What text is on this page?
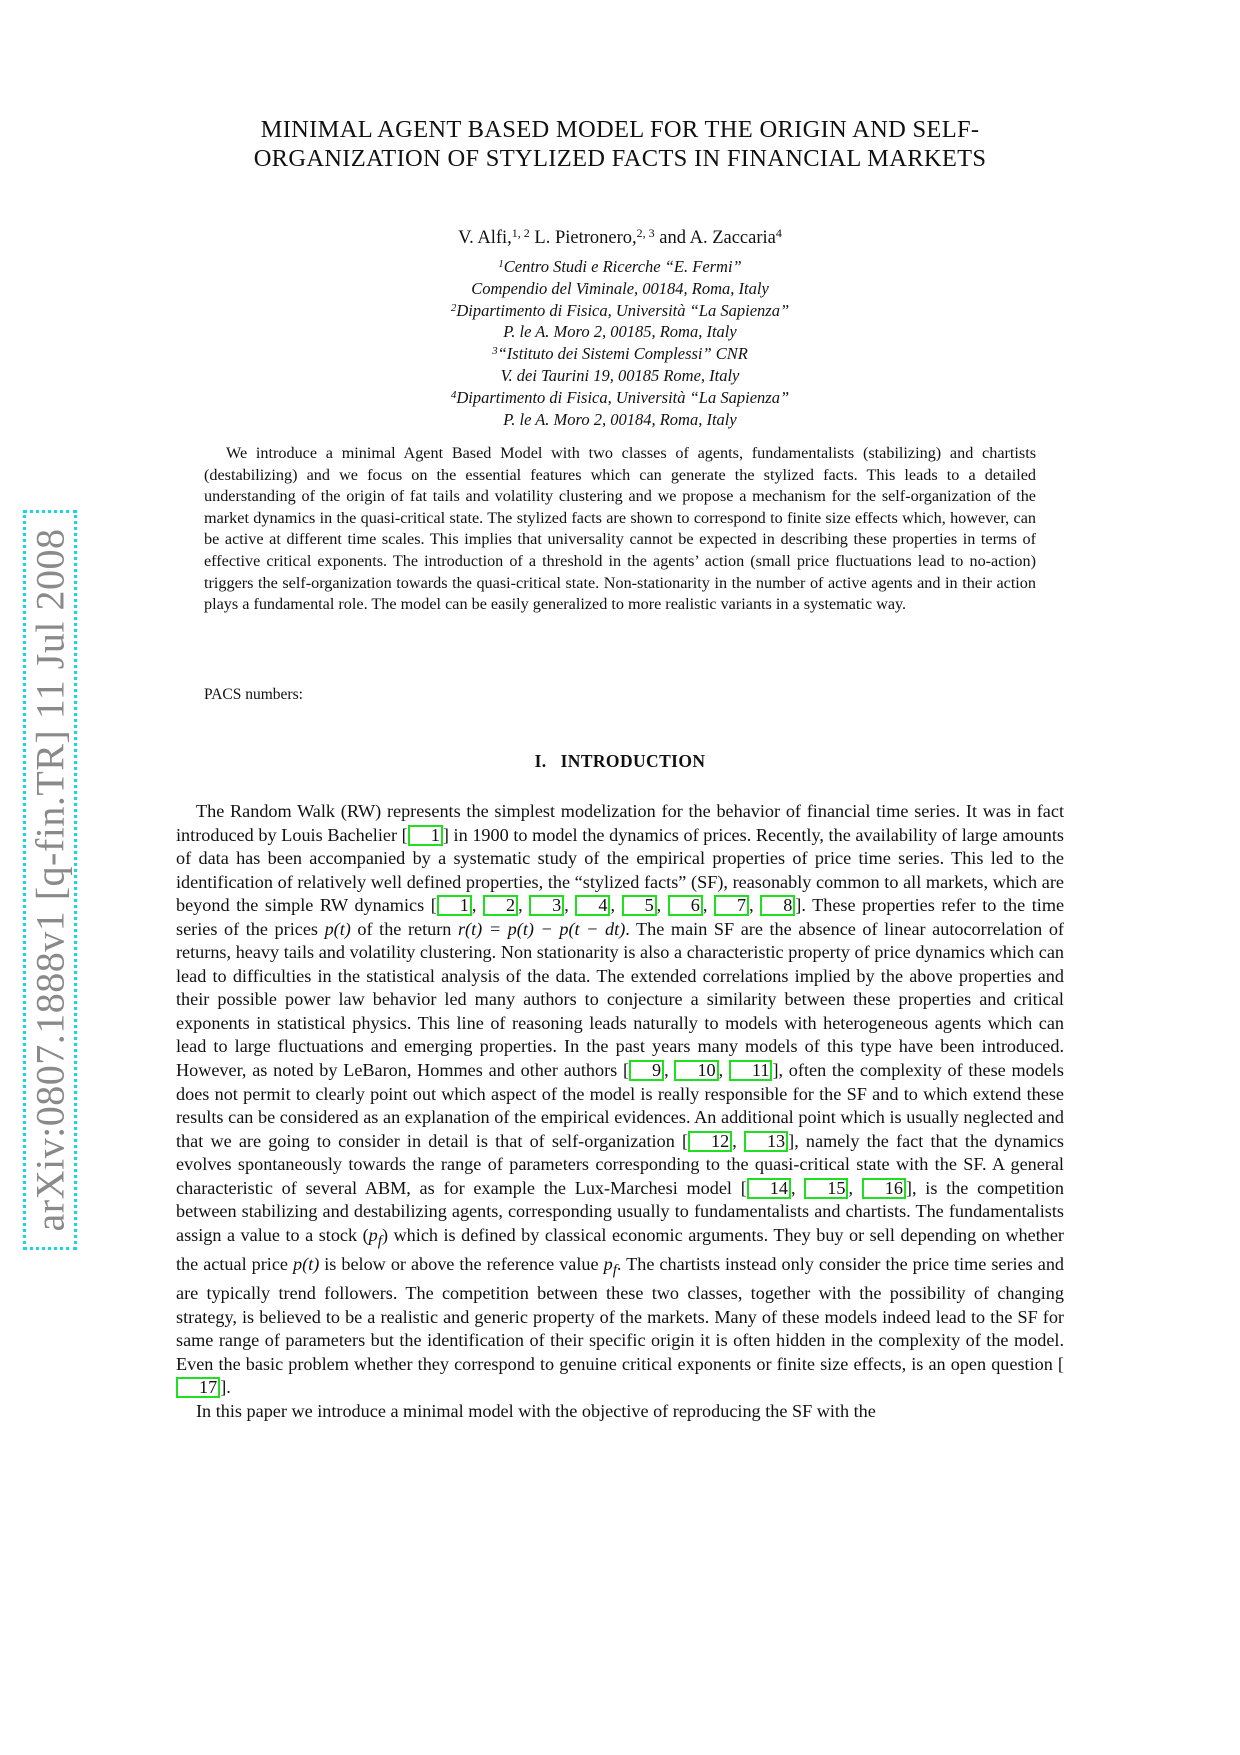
arXiv:0807.1888v1 [q-fin.TR] 11 Jul 2008
MINIMAL AGENT BASED MODEL FOR THE ORIGIN AND SELF-ORGANIZATION OF STYLIZED FACTS IN FINANCIAL MARKETS
V. Alfi,$^{1, 2}$ L. Pietronero,$^{2, 3}$ and A. Zaccaria$^4$
$^1$Centro Studi e Ricerche “E. Fermi”
Compendio del Viminale, 00184, Roma, Italy
$^2$Dipartimento di Fisica, Università “La Sapienza”
P. le A. Moro 2, 00185, Roma, Italy
$^3$“Istituto dei Sistemi Complessi” CNR
V. dei Taurini 19, 00185 Rome, Italy
$^4$Dipartimento di Fisica, Università “La Sapienza”
P. le A. Moro 2, 00184, Roma, Italy

We introduce a minimal Agent Based Model with two classes of agents, fundamentalists (stabilizing) and chartists (destabilizing) and we focus on the essential features which can generate the stylized facts. This leads to a detailed understanding of the origin of fat tails and volatility clustering and we propose a mechanism for the self-organization of the market dynamics in the quasi-critical state. The stylized facts are shown to correspond to finite size effects which, however, can be active at different time scales. This implies that universality cannot be expected in describing these properties in terms of effective critical exponents. The introduction of a threshold in the agents’ action (small price fluctuations lead to no-action) triggers the self-organization towards the quasi-critical state. Non-stationarity in the number of active agents and in their action plays a fundamental role. The model can be easily generalized to more realistic variants in a systematic way.

PACS numbers:
I. INTRODUCTION

The Random Walk (RW) represents the simplest modelization for the behavior of financial time series. It was in fact introduced by Louis Bachelier [ 1 ] in 1900 to model the dynamics of prices. Recently, the availability of large amounts of data has been accompanied by a systematic study of the empirical properties of price time series. This led to the identification of relatively well defined properties, the “stylized facts” (SF), reasonably common to all markets, which are beyond the simple RW dynamics [ 1 , 2 , 3 , 4 , 5 , 6 , 7 , 8 ]. These properties refer to the time series of the prices p(t) of the return r(t) = p(t) − p(t − dt). The main SF are the absence of linear autocorrelation of returns, heavy tails and volatility clustering. Non stationarity is also a characteristic property of price dynamics which can lead to difficulties in the statistical analysis of the data. The extended correlations implied by the above properties and their possible power law behavior led many authors to conjecture a similarity between these properties and critical exponents in statistical physics. This line of reasoning leads naturally to models with heterogeneous agents which can lead to large fluctuations and emerging properties. In the past years many models of this type have been introduced. However, as noted by LeBaron, Hommes and other authors [ 9 , 10 , 11 ], often the complexity of these models does not permit to clearly point out which aspect of the model is really responsible for the SF and to which extend these results can be considered as an explanation of the empirical evidences. An additional point which is usually neglected and that we are going to consider in detail is that of self-organization [ 12 , 13 ], namely the fact that the dynamics evolves spontaneously towards the range of parameters corresponding to the quasi-critical state with the SF. A general characteristic of several ABM, as for example the Lux-Marchesi model [ 14 , 15 , 16 ], is the competition between stabilizing and destabilizing agents, corresponding usually to fundamentalists and chartists. The fundamentalists assign a value to a stock $(p_f)$ which is defined by classical economic arguments. They buy or sell depending on whether the actual price p(t) is below or above the reference value $p_f$. The chartists instead only consider the price time series and are typically trend followers. The competition between these two classes, together with the possibility of changing strategy, is believed to be a realistic and generic property of the markets. Many of these models indeed lead to the SF for same range of parameters but the identification of their specific origin it is often hidden in the complexity of the model. Even the basic problem whether they correspond to genuine critical exponents or finite size effects, is an open question [17 ].

In this paper we introduce a minimal model with the objective of reproducing the SF with the
